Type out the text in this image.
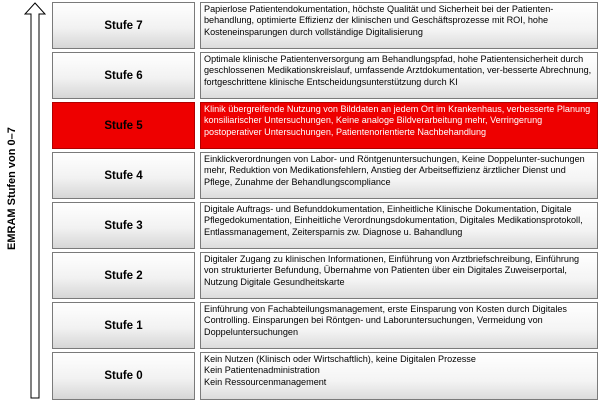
EMRAM Stufen von 0–7
Stufe 7
Papierlose Patientendokumentation, höchste Qualität und Sicherheit bei der Patienten-behandlung, optimierte Effizienz der klinischen und Geschäftsprozesse mit ROI, hohe Kosteneinsparungen durch vollständige Digitalisierung
Stufe 6
Optimale klinische Patientenversorgung am Behandlungspfad, hohe Patientensicherheit durch geschlossenen Medikationskreislauf, umfassende Arztdokumentation, ver-besserte Abrechnung, fortgeschrittene klinische Entscheidungsunterstützung durch KI
Stufe 5
Klinik übergreifende Nutzung von Bilddaten an jedem Ort im Krankenhaus, verbesserte Planung konsiliarischer Untersuchungen, Keine analoge Bildverarbeitung mehr, Verringerung postoperativer Untersuchungen, Patientenorientierte Nachbehandlung
Stufe 4
Einklickverordnungen von Labor- und Röntgenuntersuchungen, Keine Doppelunter-suchungen mehr, Reduktion von Medikationsfehlern, Anstieg der Arbeitseffizienz ärztlicher Dienst und Pflege, Zunahme der Behandlungscompliance
Stufe 3
Digitale Auftrags- und Befunddokumentation, Einheitliche Klinische Dokumentation, Digitale Pflegedokumentation, Einheitliche Verordnungsdokumentation, Digitales Medikationsprotokoll, Entlassmanagement, Zeitersparnis zw. Diagnose u. Bahandlung
Stufe 2
Digitaler Zugang zu klinischen Informationen, Einführung von Arztbriefschreibung, Einführung von strukturierter Befundung, Übernahme von Patienten über ein Digitales Zuweiserportal, Nutzung Digitale Gesundheitskarte
Stufe 1
Einführung von Fachabteilungsmanagement, erste Einsparung von Kosten durch Digitales Controlling. Einsparungen bei Röntgen- und Laboruntersuchungen, Vermeidung von Doppeluntersuchungen
Stufe 0
Kein Nutzen (Klinisch oder Wirtschaftlich), keine Digitalen Prozesse
Kein Patientenadministration
Kein Ressourcenmanagement
